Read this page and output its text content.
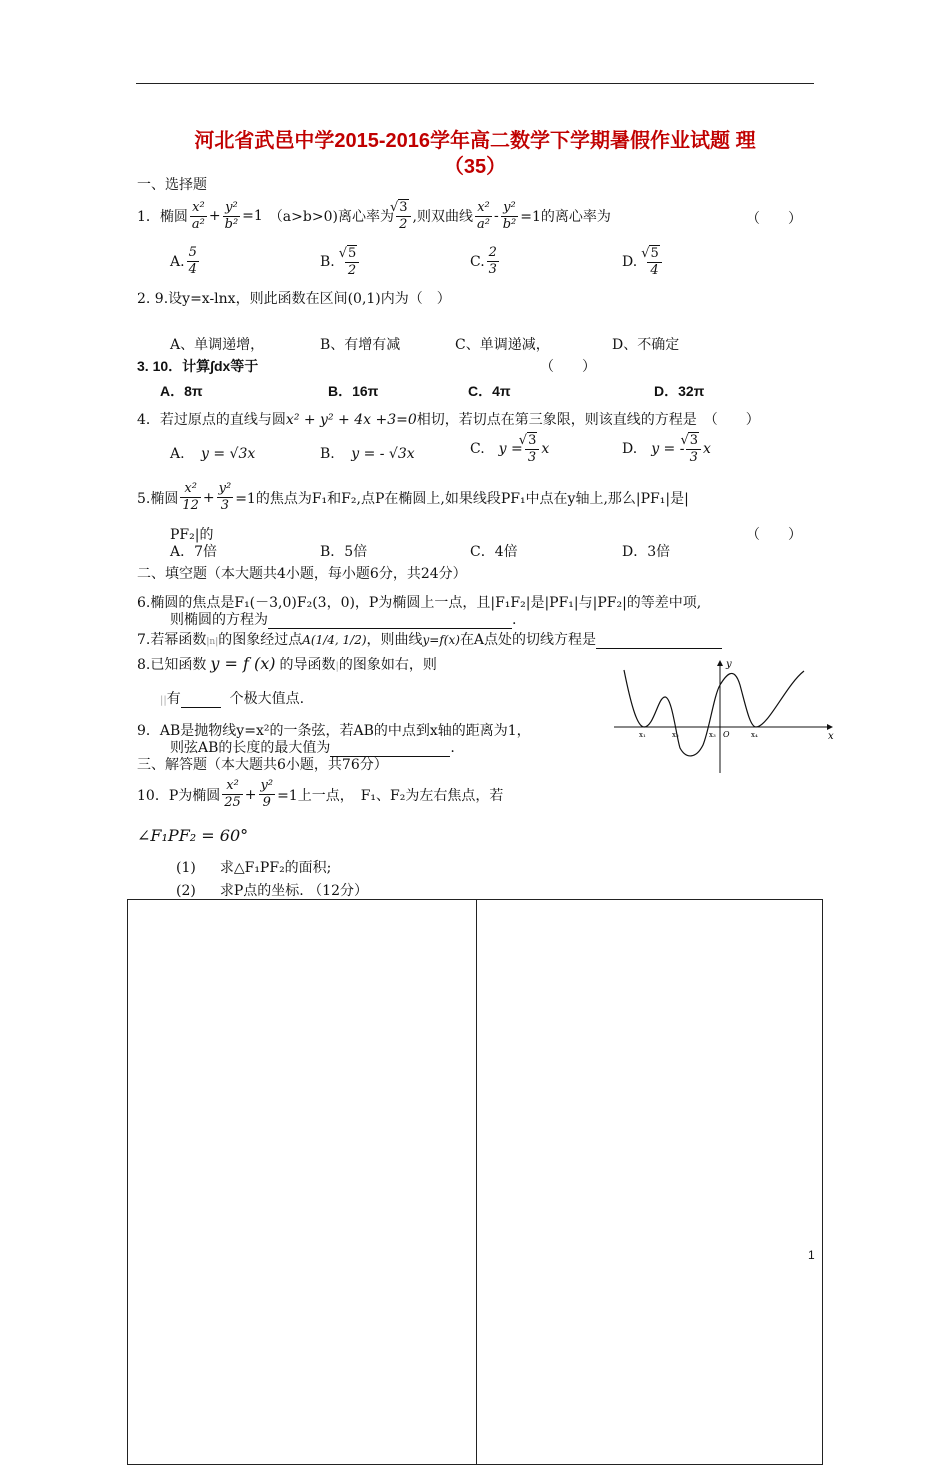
河北省武邑中学2015-2016学年高二数学下学期暑假作业试题 理
（35）
一、选择题
1．椭圆 $\frac{\text{x²}}{\text{a²}} + \frac{\text{y²}}{\text{b²}} =1$ （a>b>0)离心率为 √ $\frac{3}{2}$ ,则双曲线 $\frac{\text{x²}}{\text{a²}} - \frac{\text{y²}}{\text{b²}} =1$的离心率为	（　　）
A. $\frac{5}{4}$	B. √ $\frac{5}{2}$	C. $\frac{2}{3}$	D. √ $\frac{5}{4}$
2. 9.设y=x-lnx，则此函数在区间(0,1)内为（　）
A、单调递增，	B、有增有减	C、单调递减，	D、不确定
3. 10．计算∫dx等于	（　　）
A．8π	B．16π	C．4π	D．32π
4．若过原点的直线与圆x² + y² + 4x +3=0相切，若切点在第三象限，则该直线的方程是　（　　）
A. y = √3x	B. y = - √3x	C. y = √ $\frac{3}{3}$ x	D. y = - √ $\frac{3}{3}$ x
5.椭圆 $\frac{\text{x²}}{12} + \frac{\text{y²}}{3} =1$的焦点为F₁和F₂,点P在椭圆上,如果线段PF₁中点在y轴上,那么|PF₁|是|
PF₂|的	（　　）
A．7倍	B．5倍	C．4倍	D．3倍
二、填空题（本大题共4小题，每小题6分，共24分）
6.椭圆的焦点是F₁(－3,0)F₂(3，0)，P为椭圆上一点，且|F₁F₂|是|PF₁|与|PF₂|的等差中项,
则椭圆的方程为	.
7.若幂函数|n|的图象经过点A(1/4, 1/2)，则曲线y=f(x)在A点处的切线方程是
8.已知函数 y = f (x) 的导函数|的图象如右，则
||有	个极大值点.
y
x
x₁	x₂	x₃ O	x₄
9．AB是抛物线y=x²的一条弦，若AB的中点到x轴的距离为1，
则弦AB的长度的最大值为	.
三、解答题（本大题共6小题，共76分）
10．P为椭圆 $\frac{\text{x²}}{25} + \frac{\text{y²}}{9} =1$上一点，　F₁、F₂为左右焦点，若
∠F₁PF₂ = 60°
(1) 求△F₁PF₂的面积;
(2) 求P点的坐标. （12分）
1
